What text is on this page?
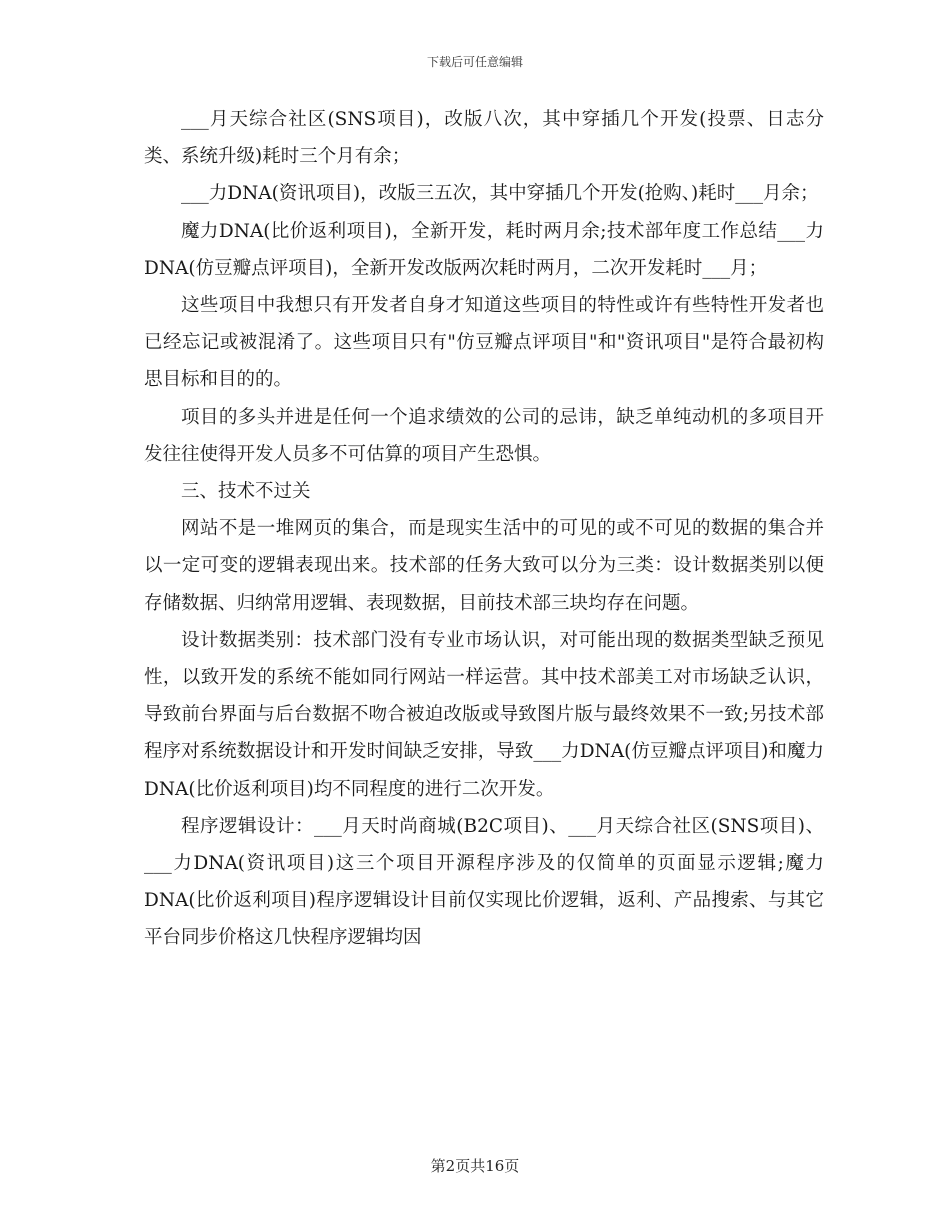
下载后可任意编辑

___月天综合社区(SNS项目)，改版八次，其中穿插几个开发(投票、日志分类、系统升级)耗时三个月有余；

___力DNA(资讯项目)，改版三五次，其中穿插几个开发(抢购、)耗时___月余；

魔力DNA(比价返利项目)，全新开发，耗时两月余;技术部年度工作总结___力DNA(仿豆瓣点评项目)，全新开发改版两次耗时两月，二次开发耗时___月；

这些项目中我想只有开发者自身才知道这些项目的特性或许有些特性开发者也已经忘记或被混淆了。这些项目只有"仿豆瓣点评项目"和"资讯项目"是符合最初构思目标和目的的。

项目的多头并进是任何一个追求绩效的公司的忌讳，缺乏单纯动机的多项目开发往往使得开发人员多不可估算的项目产生恐惧。

三、技术不过关

网站不是一堆网页的集合，而是现实生活中的可见的或不可见的数据的集合并以一定可变的逻辑表现出来。技术部的任务大致可以分为三类：设计数据类别以便存储数据、归纳常用逻辑、表现数据，目前技术部三块均存在问题。

设计数据类别：技术部门没有专业市场认识，对可能出现的数据类型缺乏预见性，以致开发的系统不能如同行网站一样运营。其中技术部美工对市场缺乏认识，导致前台界面与后台数据不吻合被迫改版或导致图片版与最终效果不一致;另技术部程序对系统数据设计和开发时间缺乏安排，导致___力DNA(仿豆瓣点评项目)和魔力DNA(比价返利项目)均不同程度的进行二次开发。

程序逻辑设计：___月天时尚商城(B2C项目)、___月天综合社区(SNS项目)、___力DNA(资讯项目)这三个项目开源程序涉及的仅简单的页面显示逻辑;魔力DNA(比价返利项目)程序逻辑设计目前仅实现比价逻辑，返利、产品搜索、与其它平台同步价格这几快程序逻辑均因

第2页共16页
